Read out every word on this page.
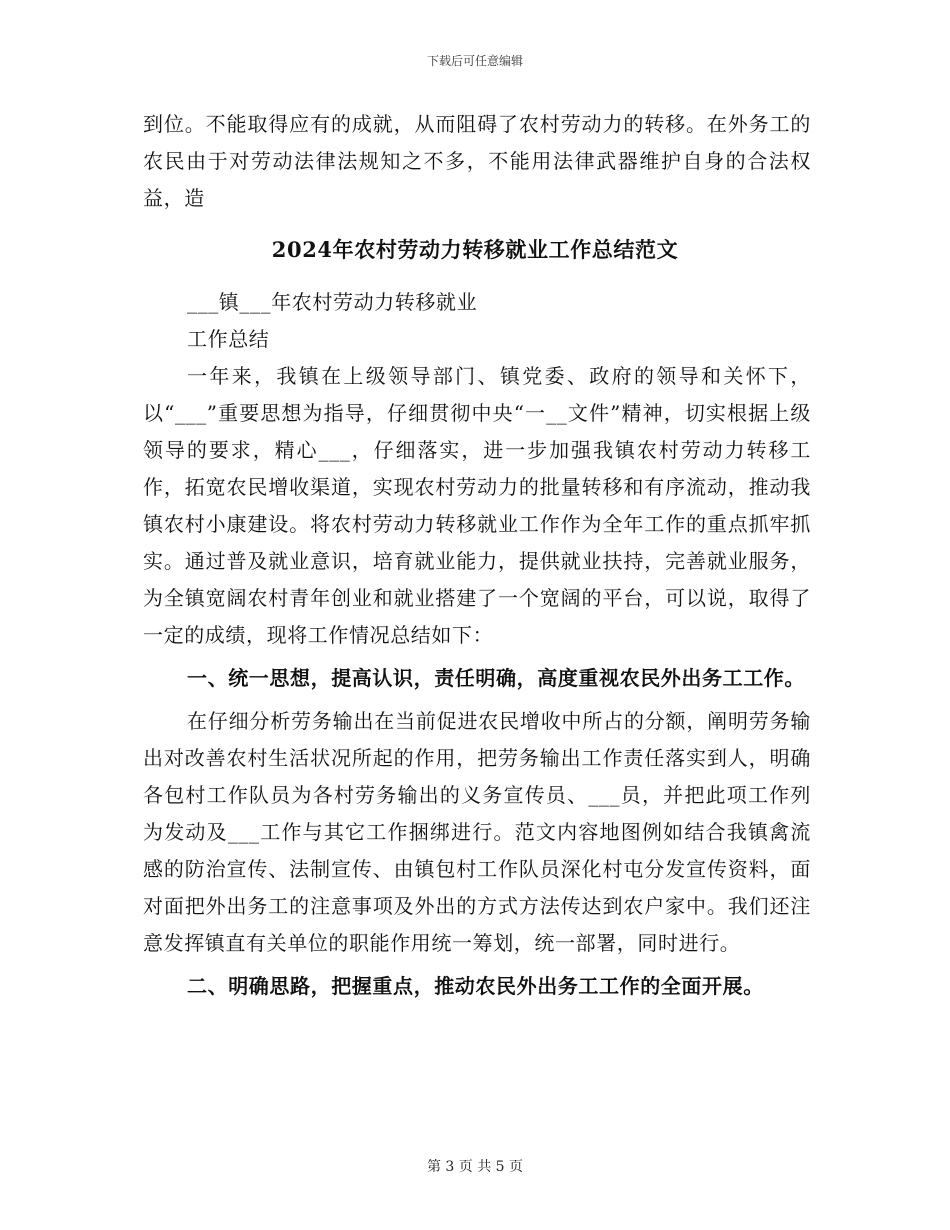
下载后可任意编辑

到位。不能取得应有的成就，从而阻碍了农村劳动力的转移。在外务工的农民由于对劳动法律法规知之不多，不能用法律武器维护自身的合法权益，造

2024年农村劳动力转移就业工作总结范文

___镇___年农村劳动力转移就业

工作总结

一年来，我镇在上级领导部门、镇党委、政府的领导和关怀下，以“___”重要思想为指导，仔细贯彻中央“一__文件”精神，切实根据上级领导的要求，精心___，仔细落实，进一步加强我镇农村劳动力转移工作，拓宽农民增收渠道，实现农村劳动力的批量转移和有序流动，推动我镇农村小康建设。将农村劳动力转移就业工作作为全年工作的重点抓牢抓实。通过普及就业意识，培育就业能力，提供就业扶持，完善就业服务，为全镇宽阔农村青年创业和就业搭建了一个宽阔的平台，可以说，取得了一定的成绩，现将工作情况总结如下：

一、统一思想，提高认识，责任明确，高度重视农民外出务工工作。

在仔细分析劳务输出在当前促进农民增收中所占的分额，阐明劳务输出对改善农村生活状况所起的作用，把劳务输出工作责任落实到人，明确各包村工作队员为各村劳务输出的义务宣传员、___员，并把此项工作列为发动及___工作与其它工作捆绑进行。范文内容地图例如结合我镇禽流感的防治宣传、法制宣传、由镇包村工作队员深化村屯分发宣传资料，面对面把外出务工的注意事项及外出的方式方法传达到农户家中。我们还注意发挥镇直有关单位的职能作用统一筹划，统一部署，同时进行。

二、明确思路，把握重点，推动农民外出务工工作的全面开展。

第 3 页 共 5 页
